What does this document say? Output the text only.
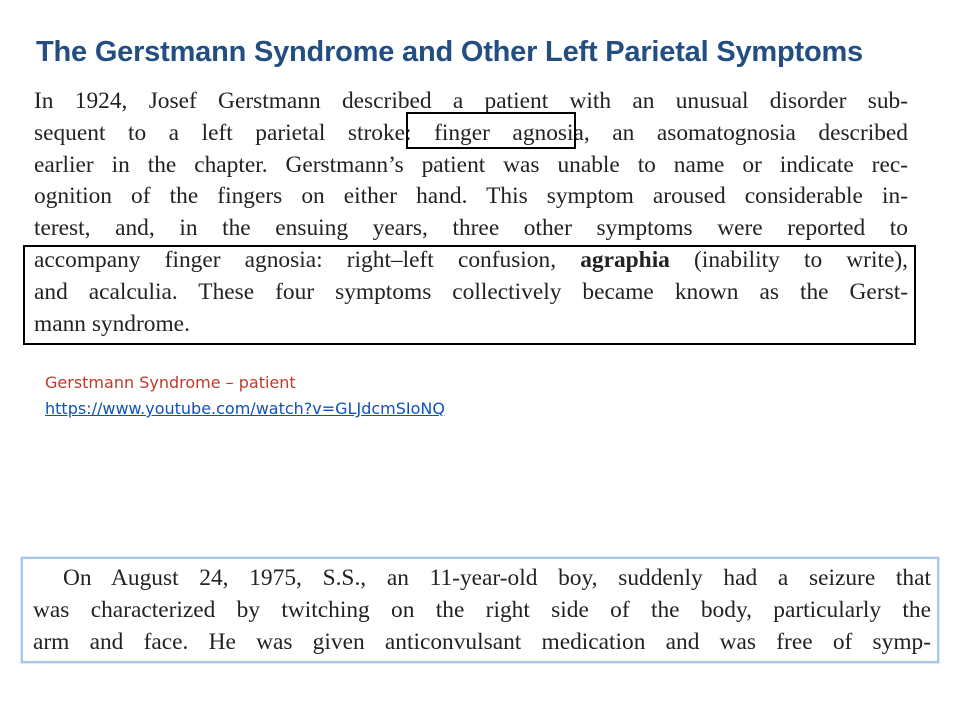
The Gerstmann Syndrome and Other Left Parietal Symptoms
In 1924, Josef Gerstmann described a patient with an unusual disorder sub-
sequent to a left parietal stroke: finger agnosia, an asomatognosia described
earlier in the chapter. Gerstmann’s patient was unable to name or indicate rec-
ognition of the fingers on either hand. This symptom aroused considerable in-
terest, and, in the ensuing years, three other symptoms were reported to
accompany finger agnosia: right–left confusion, agraphia (inability to write),
and acalculia. These four symptoms collectively became known as the Gerst-
mann syndrome.
Gerstmann Syndrome – patient
https://www.youtube.com/watch?v=GLJdcmSIoNQ
On August 24, 1975, S.S., an 11-year-old boy, suddenly had a seizure that
was characterized by twitching on the right side of the body, particularly the
arm and face. He was given anticonvulsant medication and was free of symp-
